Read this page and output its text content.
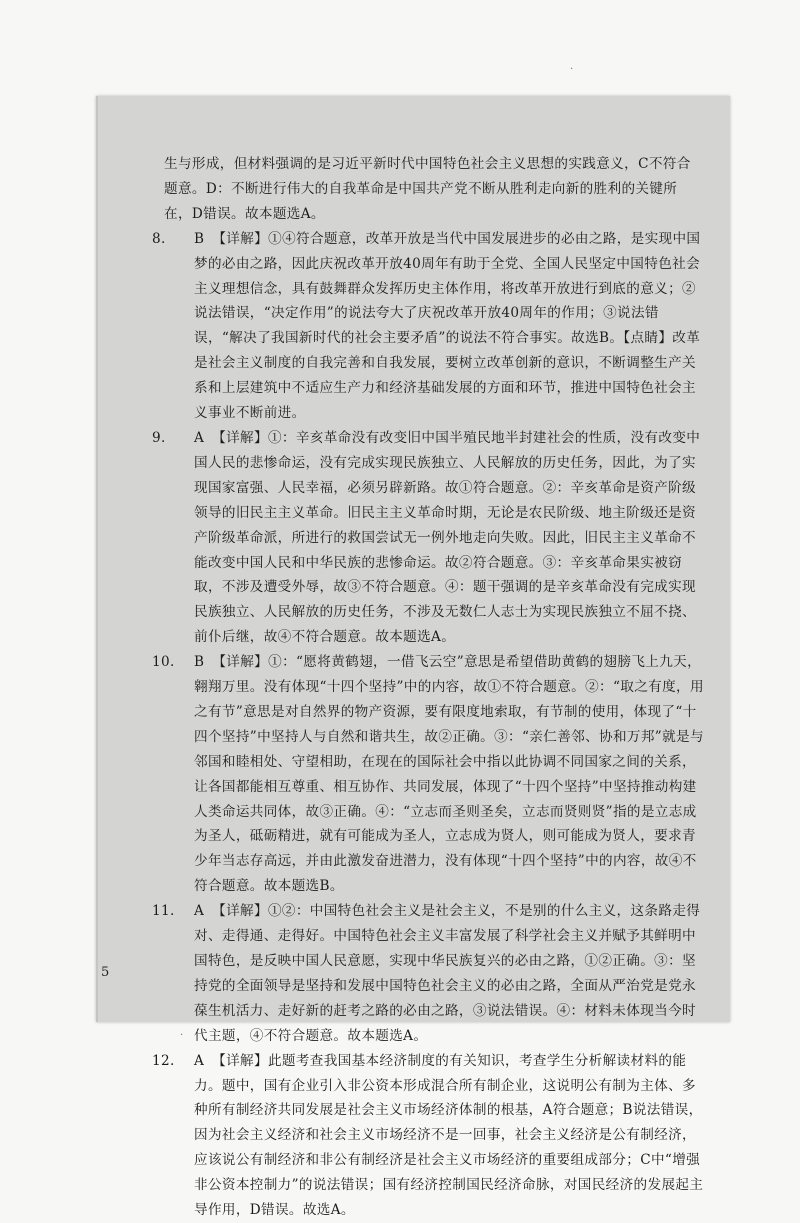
·
·

生与形成，但材料强调的是习近平新时代中国特色社会主义思想的实践意义，C不符合题意。D：不断进行伟大的自我革命是中国共产党不断从胜利走向新的胜利的关键所在，D错误。故本题选A。

8.	B 【详解】①④符合题意，改革开放是当代中国发展进步的必由之路，是实现中国梦的必由之路，因此庆祝改革开放40周年有助于全党、全国人民坚定中国特色社会主义理想信念，具有鼓舞群众发挥历史主体作用，将改革开放进行到底的意义；②说法错误，“决定作用”的说法夸大了庆祝改革开放40周年的作用；③说法错误，“解决了我国新时代的社会主要矛盾”的说法不符合事实。故选B。【点睛】改革是社会主义制度的自我完善和自我发展，要树立改革创新的意识，不断调整生产关系和上层建筑中不适应生产力和经济基础发展的方面和环节，推进中国特色社会主义事业不断前进。
9.	A 【详解】①：辛亥革命没有改变旧中国半殖民地半封建社会的性质，没有改变中国人民的悲惨命运，没有完成实现民族独立、人民解放的历史任务，因此，为了实现国家富强、人民幸福，必须另辟新路。故①符合题意。②：辛亥革命是资产阶级领导的旧民主主义革命。旧民主主义革命时期，无论是农民阶级、地主阶级还是资产阶级革命派，所进行的救国尝试无一例外地走向失败。因此，旧民主主义革命不能改变中国人民和中华民族的悲惨命运。故②符合题意。③：辛亥革命果实被窃取，不涉及遭受外辱，故③不符合题意。④：题干强调的是辛亥革命没有完成实现民族独立、人民解放的历史任务，不涉及无数仁人志士为实现民族独立不屈不挠、前仆后继，故④不符合题意。故本题选A。
10.	B 【详解】①：“愿将黄鹤翅，一借飞云空”意思是希望借助黄鹤的翅膀飞上九天，翱翔万里。没有体现“十四个坚持”中的内容，故①不符合题意。②：“取之有度，用之有节”意思是对自然界的物产资源，要有限度地索取，有节制的使用，体现了“十四个坚持”中坚持人与自然和谐共生，故②正确。③：“亲仁善邻、协和万邦”就是与邻国和睦相处、守望相助，在现在的国际社会中指以此协调不同国家之间的关系，让各国都能相互尊重、相互协作、共同发展，体现了“十四个坚持”中坚持推动构建人类命运共同体，故③正确。④：“立志而圣则圣矣，立志而贤则贤”指的是立志成为圣人，砥砺精进，就有可能成为圣人，立志成为贤人，则可能成为贤人，要求青少年当志存高远，并由此激发奋进潜力，没有体现“十四个坚持”中的内容，故④不符合题意。故本题选B。
11.	A 【详解】①②：中国特色社会主义是社会主义，不是别的什么主义，这条路走得对、走得通、走得好。中国特色社会主义丰富发展了科学社会主义并赋予其鲜明中国特色，是反映中国人民意愿，实现中华民族复兴的必由之路，①②正确。③：坚持党的全面领导是坚持和发展中国特色社会主义的必由之路，全面从严治党是党永葆生机活力、走好新的赶考之路的必由之路，③说法错误。④：材料未体现当今时代主题，④不符合题意。故本题选A。
12.	A 【详解】此题考查我国基本经济制度的有关知识，考查学生分析解读材料的能力。题中，国有企业引入非公资本形成混合所有制企业，这说明公有制为主体、多种所有制经济共同发展是社会主义市场经济体制的根基，A符合题意；B说法错误，因为社会主义经济和社会主义市场经济不是一回事，社会主义经济是公有制经济，应该说公有制经济和非公有制经济是社会主义市场经济的重要组成部分；C中“增强非公资本控制力”的说法错误；国有经济控制国民经济命脉，对国民经济的发展起主导作用，D错误。故选A。
5
